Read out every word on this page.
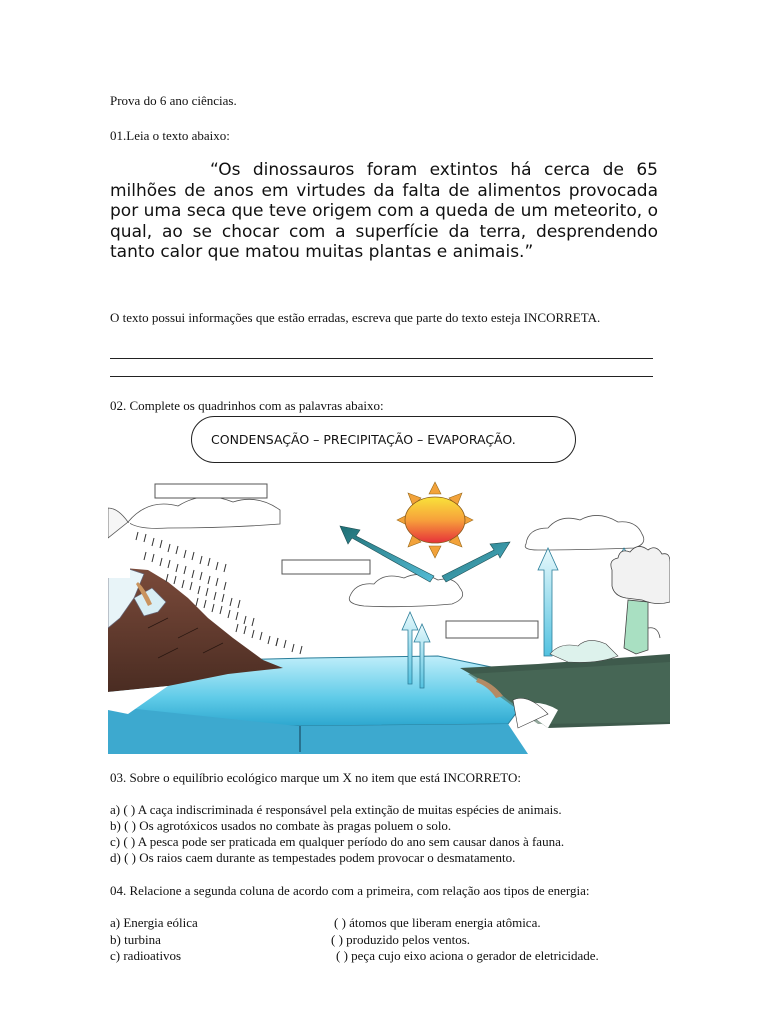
Prova do 6 ano ciências.
01.Leia o texto abaixo:
“Os dinossauros foram extintos há cerca de 65 milhões de anos em virtudes da falta de alimentos provocada por uma seca que teve origem com a queda de um meteorito, o qual, ao se chocar com a superfície da terra, desprendendo tanto calor que matou muitas plantas e animais.”
O texto possui informações que estão erradas, escreva que parte do texto esteja INCORRETA.
02. Complete os quadrinhos com as palavras abaixo:
CONDENSAÇÃO – PRECIPITAÇÃO – EVAPORAÇÃO.
03. Sobre o equilíbrio ecológico marque um X no item que está INCORRETO:
a) ( ) A caça indiscriminada é responsável pela extinção de muitas espécies de animais.
b) ( ) Os agrotóxicos usados no combate às pragas poluem o solo.
c) ( ) A pesca pode ser praticada em qualquer período do ano sem causar danos à fauna.
d) ( ) Os raios caem durante as tempestades podem provocar o desmatamento.
04. Relacione a segunda coluna de acordo com a primeira, com relação aos tipos de energia:
a) Energia eólica
b) turbina
c) radioativos
( ) átomos que liberam energia atômica.
( ) produzido pelos ventos.
( ) peça cujo eixo aciona o gerador de eletricidade.
